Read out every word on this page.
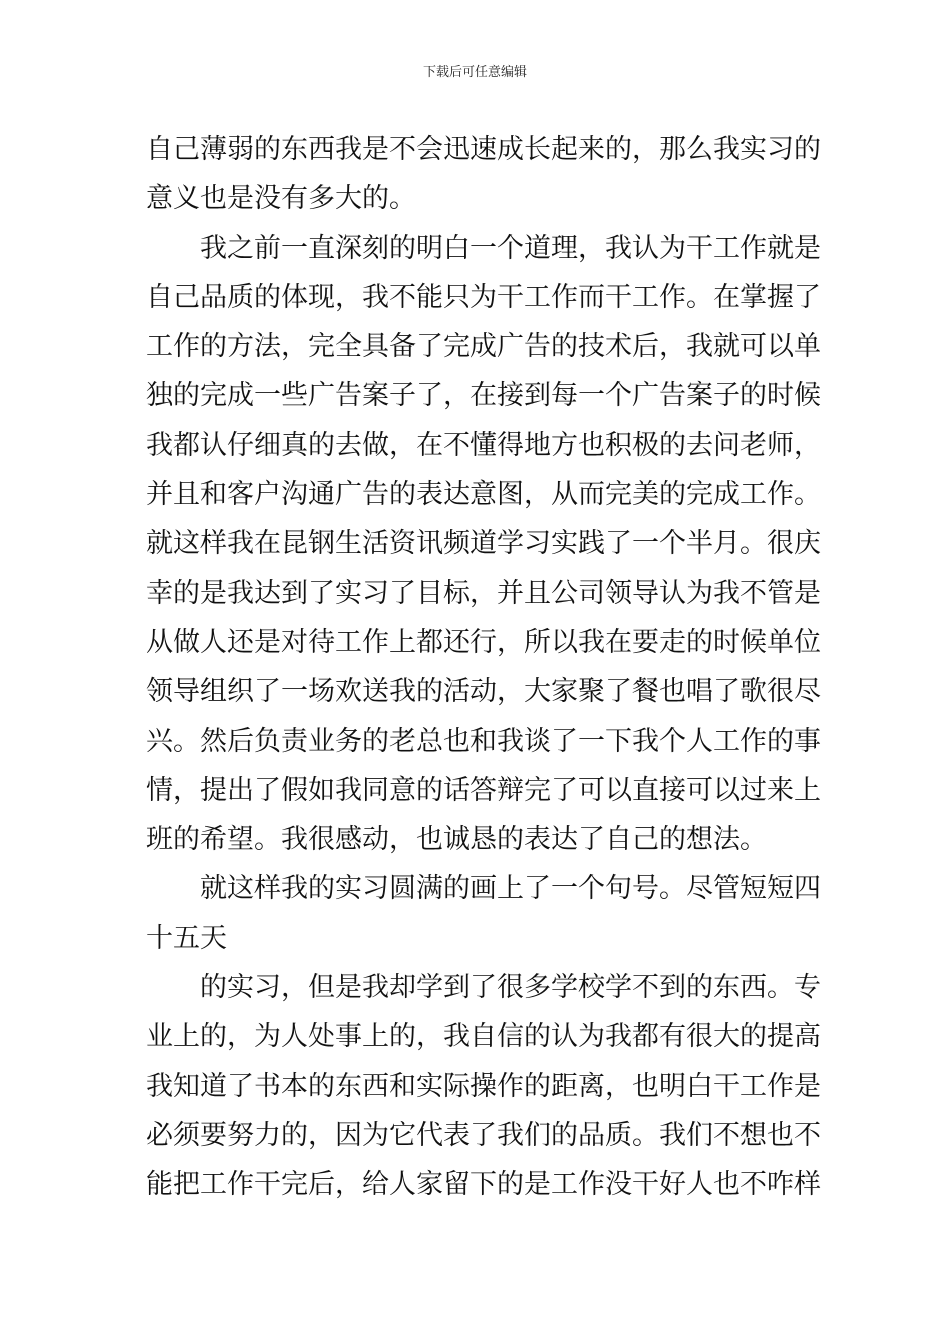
下载后可任意编辑
自己薄弱的东西我是不会迅速成长起来的，那么我实习的
意义也是没有多大的。
我之前一直深刻的明白一个道理，我认为干工作就是
自己品质的体现，我不能只为干工作而干工作。在掌握了
工作的方法，完全具备了完成广告的技术后，我就可以单
独的完成一些广告案子了，在接到每一个广告案子的时候
我都认仔细真的去做，在不懂得地方也积极的去问老师，
并且和客户沟通广告的表达意图，从而完美的完成工作。
就这样我在昆钢生活资讯频道学习实践了一个半月。很庆
幸的是我达到了实习了目标，并且公司领导认为我不管是
从做人还是对待工作上都还行，所以我在要走的时候单位
领导组织了一场欢送我的活动，大家聚了餐也唱了歌很尽
兴。然后负责业务的老总也和我谈了一下我个人工作的事
情，提出了假如我同意的话答辩完了可以直接可以过来上
班的希望。我很感动，也诚恳的表达了自己的想法。
就这样我的实习圆满的画上了一个句号。尽管短短四
十五天
的实习，但是我却学到了很多学校学不到的东西。专
业上的，为人处事上的，我自信的认为我都有很大的提高
我知道了书本的东西和实际操作的距离，也明白干工作是
必须要努力的，因为它代表了我们的品质。我们不想也不
能把工作干完后，给人家留下的是工作没干好人也不咋样
